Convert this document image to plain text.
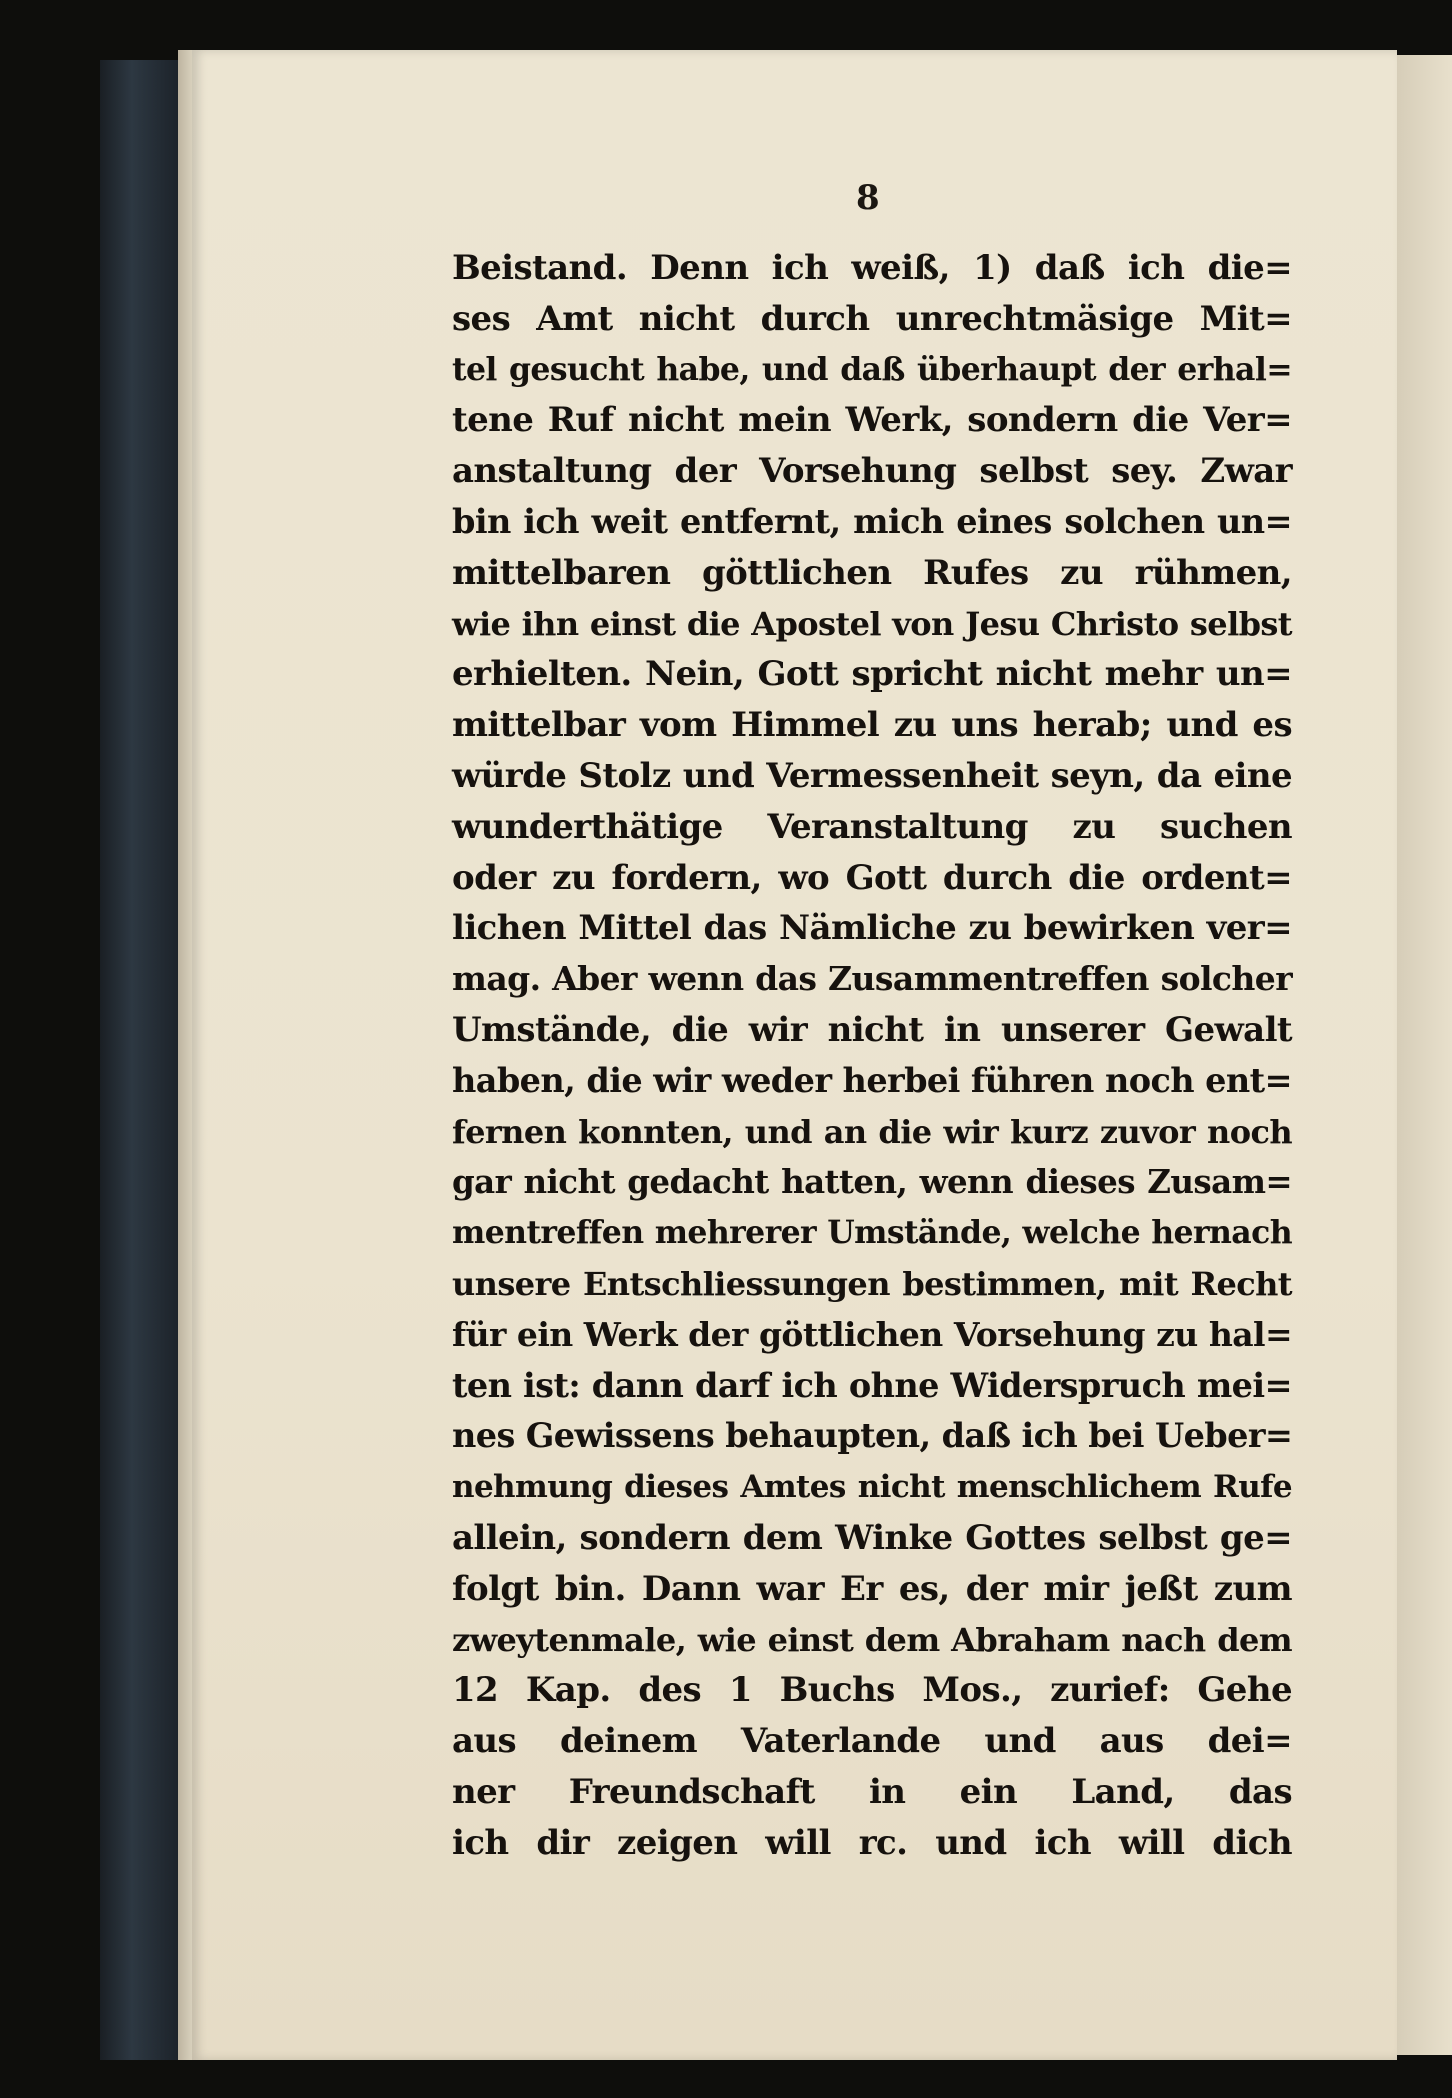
8
Beistand. Denn ich weiß, 1) daß ich die=
ses Amt nicht durch unrechtmäsige Mit=
tel gesucht habe, und daß überhaupt der erhal=
tene Ruf nicht mein Werk, sondern die Ver=
anstaltung der Vorsehung selbst sey. Zwar
bin ich weit entfernt, mich eines solchen un=
mittelbaren göttlichen Rufes zu rühmen,
wie ihn einst die Apostel von Jesu Christo selbst
erhielten. Nein, Gott spricht nicht mehr un=
mittelbar vom Himmel zu uns herab; und es
würde Stolz und Vermessenheit seyn, da eine
wunderthätige Veranstaltung zu suchen
oder zu fordern, wo Gott durch die ordent=
lichen Mittel das Nämliche zu bewirken ver=
mag. Aber wenn das Zusammentreffen solcher
Umstände, die wir nicht in unserer Gewalt
haben, die wir weder herbei führen noch ent=
fernen konnten, und an die wir kurz zuvor noch
gar nicht gedacht hatten, wenn dieses Zusam=
mentreffen mehrerer Umstände, welche hernach
unsere Entschliessungen bestimmen, mit Recht
für ein Werk der göttlichen Vorsehung zu hal=
ten ist: dann darf ich ohne Widerspruch mei=
nes Gewissens behaupten, daß ich bei Ueber=
nehmung dieses Amtes nicht menschlichem Rufe
allein, sondern dem Winke Gottes selbst ge=
folgt bin. Dann war Er es, der mir jeßt zum
zweytenmale, wie einst dem Abraham nach dem
12 Kap. des 1 Buchs Mos., zurief: Gehe
aus deinem Vaterlande und aus dei=
ner Freundschaft in ein Land, das
ich dir zeigen will rc. und ich will dich
